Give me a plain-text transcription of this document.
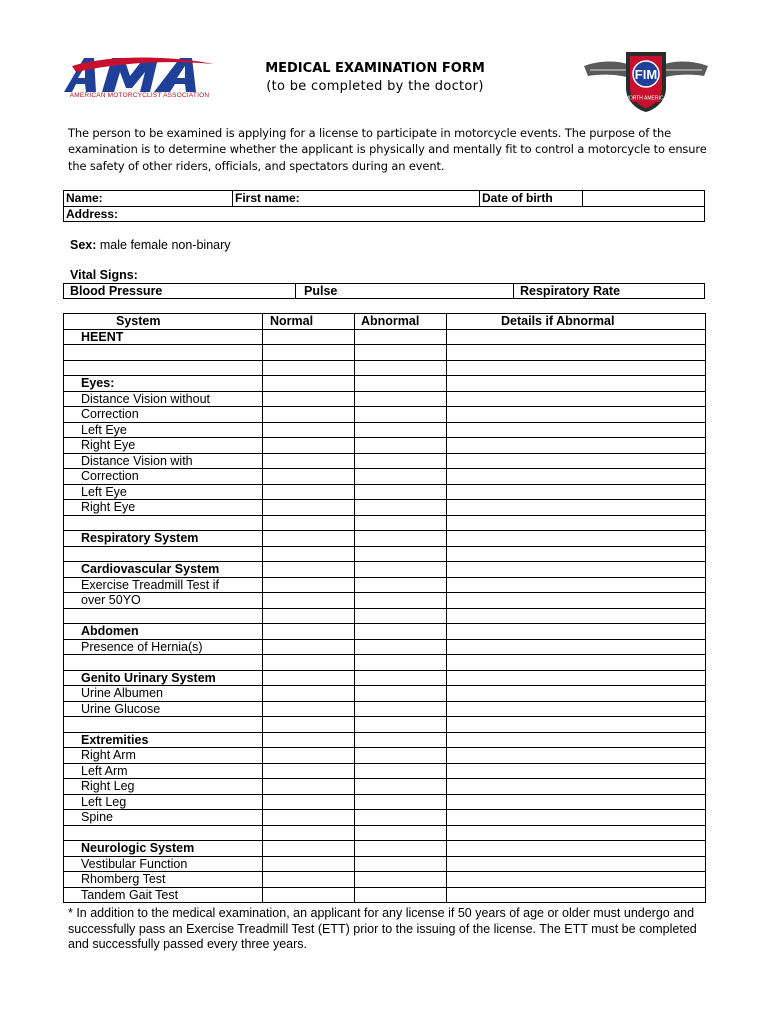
AMERICAN MOTORCYCLIST ASSOCIATION
FIM
NORTH AMERICA
MEDICAL EXAMINATION FORM
(to be completed by the doctor)
The person to be examined is applying for a license to participate in motorcycle events. The purpose of the examination is to determine whether the applicant is physically and mentally fit to control a motorcycle to ensure the safety of other riders, officials, and spectators during an event.
Name:	First name:	Date of birth
Address:
Sex: male female non-binary
Vital Signs:
Blood Pressure	Pulse	Respiratory Rate
System	Normal	Abnormal	Details if Abnormal
HEENT			

Eyes:			
Distance Vision without			
Correction			
Left Eye			
Right Eye			
Distance Vision with			
Correction			
Left Eye			
Right Eye			

Respiratory System			

Cardiovascular System			
Exercise Treadmill Test if			
over 50YO			

Abdomen			
Presence of Hernia(s)			

Genito Urinary System			
Urine Albumen			
Urine Glucose			

Extremities			
Right Arm			
Left Arm			
Right Leg			
Left Leg			
Spine			

Neurologic System			
Vestibular Function			
Rhomberg Test			
Tandem Gait Test			
* In addition to the medical examination, an applicant for any license if 50 years of age or older must undergo and successfully pass an Exercise Treadmill Test (ETT) prior to the issuing of the license. The ETT must be completed and successfully passed every three years.
